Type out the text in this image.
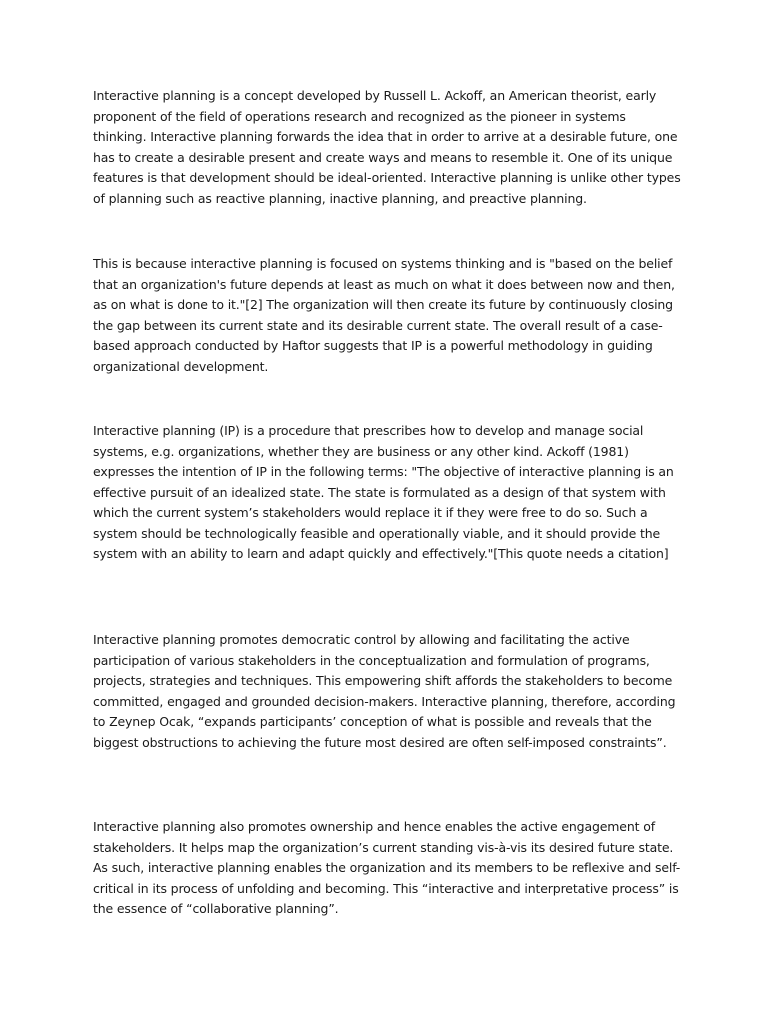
Interactive planning is a concept developed by Russell L. Ackoff, an American theorist, early proponent of the field of operations research and recognized as the pioneer in systems thinking. Interactive planning forwards the idea that in order to arrive at a desirable future, one has to create a desirable present and create ways and means to resemble it. One of its unique features is that development should be ideal-oriented. Interactive planning is unlike other types of planning such as reactive planning, inactive planning, and preactive planning.

This is because interactive planning is focused on systems thinking and is "based on the belief that an organization's future depends at least as much on what it does between now and then, as on what is done to it."[2] The organization will then create its future by continuously closing the gap between its current state and its desirable current state. The overall result of a case-based approach conducted by Haftor suggests that IP is a powerful methodology in guiding organizational development.

Interactive planning (IP) is a procedure that prescribes how to develop and manage social systems, e.g. organizations, whether they are business or any other kind. Ackoff (1981) expresses the intention of IP in the following terms: "The objective of interactive planning is an effective pursuit of an idealized state. The state is formulated as a design of that system with which the current system’s stakeholders would replace it if they were free to do so. Such a system should be technologically feasible and operationally viable, and it should provide the system with an ability to learn and adapt quickly and effectively."[This quote needs a citation]

Interactive planning promotes democratic control by allowing and facilitating the active participation of various stakeholders in the conceptualization and formulation of programs, projects, strategies and techniques. This empowering shift affords the stakeholders to become committed, engaged and grounded decision-makers. Interactive planning, therefore, according to Zeynep Ocak, “expands participants’ conception of what is possible and reveals that the biggest obstructions to achieving the future most desired are often self-imposed constraints”.

Interactive planning also promotes ownership and hence enables the active engagement of stakeholders. It helps map the organization’s current standing vis-à-vis its desired future state. As such, interactive planning enables the organization and its members to be reflexive and self-critical in its process of unfolding and becoming. This “interactive and interpretative process” is the essence of “collaborative planning”.
